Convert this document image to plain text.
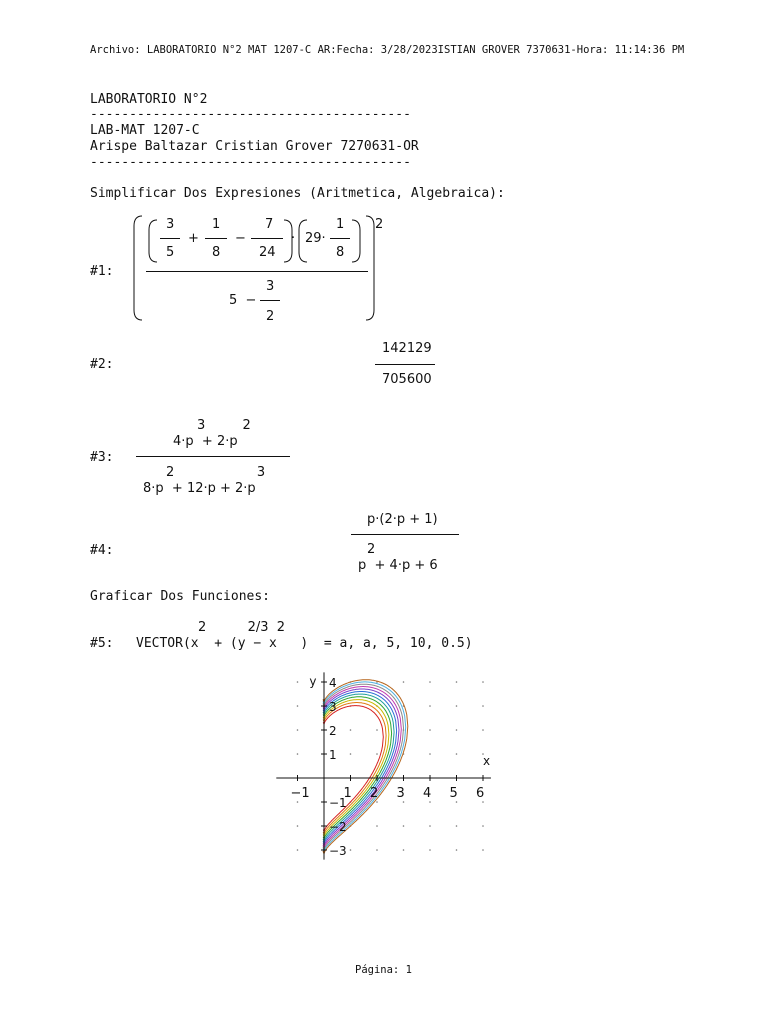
Archivo: LABORATORIO N°2 MAT 1207-C AR:Fecha: 3/28/2023ISTIAN GROVER 7370631-Hora: 11:14:36 PM
LABORATORIO N°2
-----------------------------------------
LAB-MAT 1207-C
Arispe Baltazar Cristian Grover 7270631-OR
-----------------------------------------
Simplificar Dos Expresiones (Aritmetica, Algebraica):
#1:
3
5
+
1
8
−
7
24
· 29·
1
8
2
5  −
3
2
#2:
142129
705600
#3:
3         2
4·p  + 2·p
2                    3
8·p  + 12·p + 2·p
#4:
p·(2·p + 1)
2
p  + 4·p + 6
Graficar Dos Funciones:
2          2/3  2
#5: VECTOR(x  + (y − x   )  = a, a, 5, 10, 0.5)
x
y
−1	1 2 3 4 5 6
4
3
2
1
−1
−2
−3
Página: 1
